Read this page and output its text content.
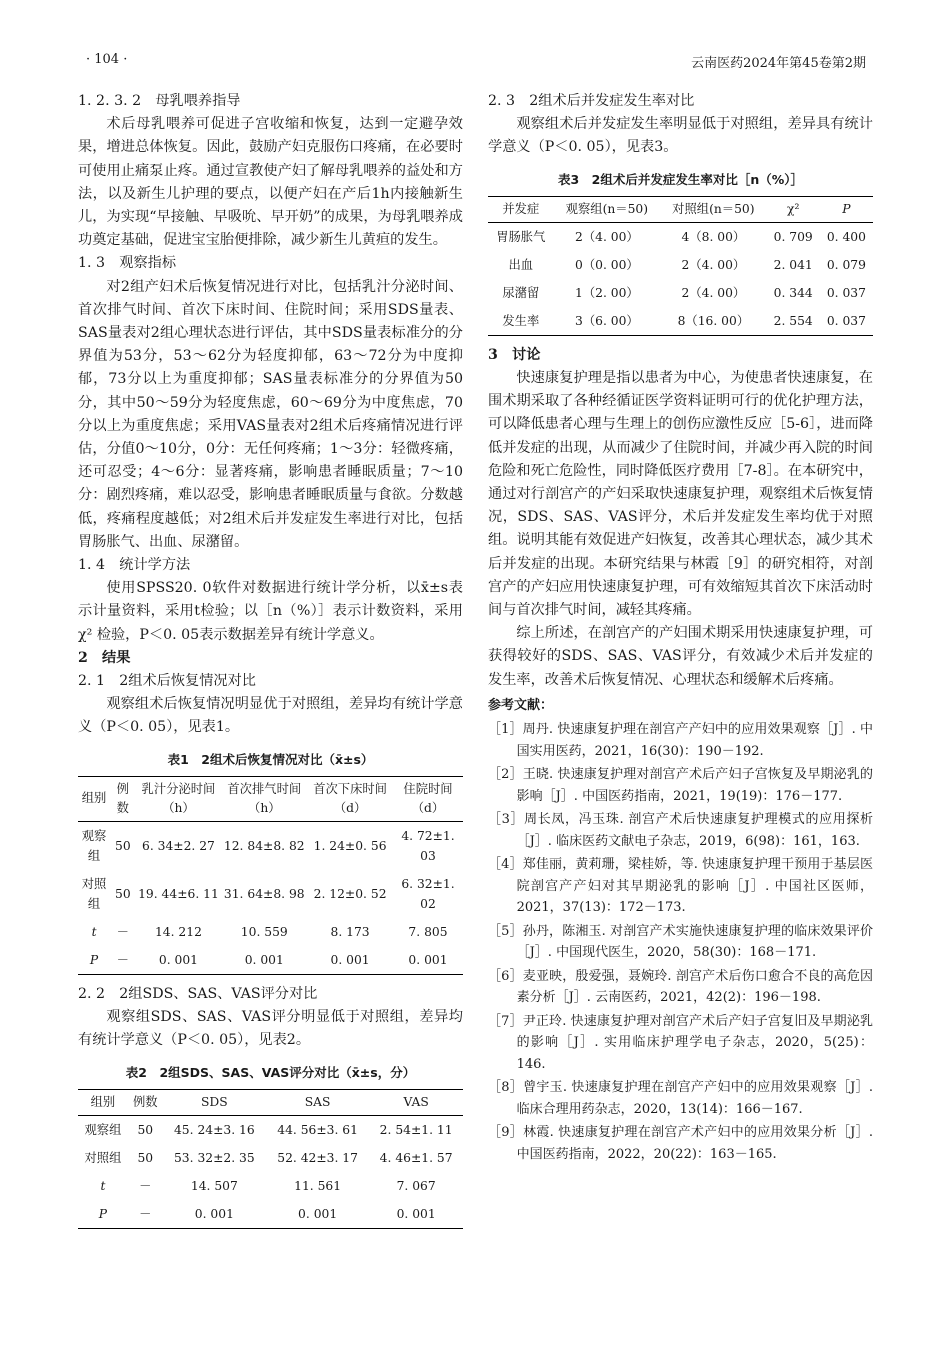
· 104 ·	云南医药2024年第45卷第2期

1. 2. 3. 2　母乳喂养指导

术后母乳喂养可促进子宫收缩和恢复，达到一定避孕效果，增进总体恢复。因此，鼓励产妇克服伤口疼痛，在必要时可使用止痛泵止疼。通过宣教使产妇了解母乳喂养的益处和方法，以及新生儿护理的要点，以便产妇在产后1h内接触新生儿，为实现“早接触、早吸吮、早开奶”的成果，为母乳喂养成功奠定基础，促进宝宝胎便排除，减少新生儿黄疸的发生。

1. 3　观察指标

对2组产妇术后恢复情况进行对比，包括乳汁分泌时间、首次排气时间、首次下床时间、住院时间；采用SDS量表、SAS量表对2组心理状态进行评估，其中SDS量表标准分的分界值为53分，53～62分为轻度抑郁，63～72分为中度抑郁，73分以上为重度抑郁；SAS量表标准分的分界值为50分，其中50～59分为轻度焦虑，60～69分为中度焦虑，70分以上为重度焦虑；采用VAS量表对2组术后疼痛情况进行评估，分值0～10分，0分：无任何疼痛；1～3分：轻微疼痛，还可忍受；4～6分：显著疼痛，影响患者睡眠质量；7～10分：剧烈疼痛，难以忍受，影响患者睡眠质量与食欲。分数越低，疼痛程度越低；对2组术后并发症发生率进行对比，包括胃肠胀气、出血、尿潴留。

1. 4　统计学方法

使用SPSS20. 0软件对数据进行统计学分析，以x̄±s表示计量资料，采用t检验；以［n（%）］表示计数资料，采用χ² 检验，P＜0. 05表示数据差异有统计学意义。

2　结果

2. 1　2组术后恢复情况对比

观察组术后恢复情况明显优于对照组，差异均有统计学意义（P＜0. 05），见表1。

表1　2组术后恢复情况对比（x̄±s）
组别	例数	乳汁分泌时间（h）	首次排气时间（h）	首次下床时间（d）	住院时间（d）
观察组	50	6. 34±2. 27	12. 84±8. 82	1. 24±0. 56	4. 72±1. 03
对照组	50	19. 44±6. 11	31. 64±8. 98	2. 12±0. 52	6. 32±1. 02
t	－	14. 212	10. 559	8. 173	7. 805
P	－	0. 001	0. 001	0. 001	0. 001

2. 2　2组SDS、SAS、VAS评分对比

观察组SDS、SAS、VAS评分明显低于对照组，差异均有统计学意义（P＜0. 05），见表2。

表2　2组SDS、SAS、VAS评分对比（x̄±s，分）
组别	例数	SDS	SAS	VAS
观察组	50	45. 24±3. 16	44. 56±3. 61	2. 54±1. 11
对照组	50	53. 32±2. 35	52. 42±3. 17	4. 46±1. 57
t	－	14. 507	11. 561	7. 067
P	－	0. 001	0. 001	0. 001

2. 3　2组术后并发症发生率对比

观察组术后并发症发生率明显低于对照组，差异具有统计学意义（P＜0. 05），见表3。

表3　2组术后并发症发生率对比［n（%）］
并发症	观察组(n＝50)	对照组(n＝50)	χ²	P
胃肠胀气	2（4. 00）	4（8. 00）	0. 709	0. 400
出血	0（0. 00）	2（4. 00）	2. 041	0. 079
尿潴留	1（2. 00）	2（4. 00）	0. 344	0. 037
发生率	3（6. 00）	8（16. 00）	2. 554	0. 037

3　讨论

快速康复护理是指以患者为中心，为使患者快速康复，在围术期采取了各种经循证医学资料证明可行的优化护理方法，可以降低患者心理与生理上的创伤应激性反应［5-6］，进而降低并发症的出现，从而减少了住院时间，并减少再入院的时间危险和死亡危险性，同时降低医疗费用［7-8］。在本研究中，通过对行剖宫产的产妇采取快速康复护理，观察组术后恢复情况，SDS、SAS、VAS评分，术后并发症发生率均优于对照组。说明其能有效促进产妇恢复，改善其心理状态，减少其术后并发症的出现。本研究结果与林霞［9］的研究相符，对剖宫产的产妇应用快速康复护理，可有效缩短其首次下床活动时间与首次排气时间，减轻其疼痛。

综上所述，在剖宫产的产妇围术期采用快速康复护理，可获得较好的SDS、SAS、VAS评分，有效减少术后并发症的发生率，改善术后恢复情况、心理状态和缓解术后疼痛。

参考文献：

［1］周丹. 快速康复护理在剖宫产产妇中的应用效果观察［J］. 中国实用医药，2021，16(30)：190－192.

［2］王晓. 快速康复护理对剖宫产术后产妇子宫恢复及早期泌乳的影响［J］. 中国医药指南，2021，19(19)：176－177.

［3］周长凤，冯玉珠. 剖宫产术后快速康复护理模式的应用探析［J］. 临床医药文献电子杂志，2019，6(98)：161，163.

［4］郑佳丽，黄莉珊，梁桂娇，等. 快速康复护理干预用于基层医院剖宫产产妇对其早期泌乳的影响［J］. 中国社区医师，2021，37(13)：172－173.

［5］孙丹，陈湘玉. 对剖宫产术实施快速康复护理的临床效果评价［J］. 中国现代医生，2020，58(30)：168－171.

［6］麦亚映，殷爱强，聂婉玲. 剖宫产术后伤口愈合不良的高危因素分析［J］. 云南医药，2021，42(2)：196－198.

［7］尹正玲. 快速康复护理对剖宫产术后产妇子宫复旧及早期泌乳的影响［J］. 实用临床护理学电子杂志，2020，5(25)：146.

［8］曾宇玉. 快速康复护理在剖宫产产妇中的应用效果观察［J］. 临床合理用药杂志，2020，13(14)：166－167.

［9］林霞. 快速康复护理在剖宫产术产妇中的应用效果分析［J］. 中国医药指南，2022，20(22)：163－165.
